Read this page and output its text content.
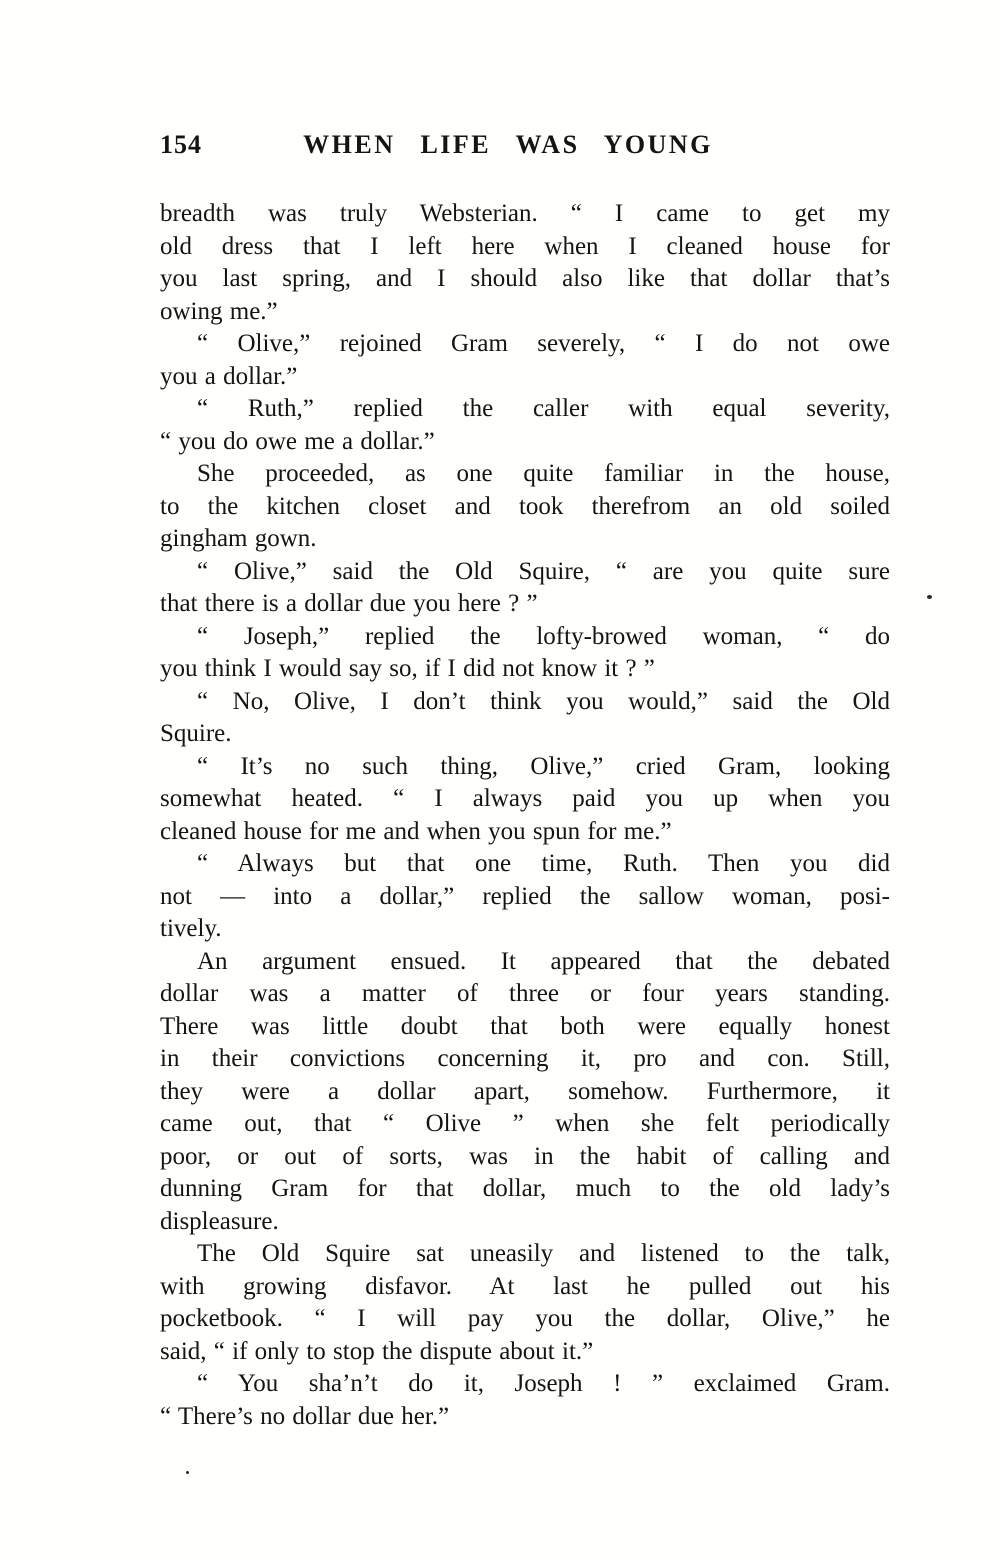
154	WHEN LIFE WAS YOUNG
breadth was truly Websterian. “ I came to get my
old dress that I left here when I cleaned house for
you last spring, and I should also like that dollar that’s
owing me.”
“ Olive,” rejoined Gram severely, “ I do not owe
you a dollar.”
“ Ruth,” replied the caller with equal severity,
“ you do owe me a dollar.”
She proceeded, as one quite familiar in the house,
to the kitchen closet and took therefrom an old soiled
gingham gown.
“ Olive,” said the Old Squire, “ are you quite sure
that there is a dollar due you here ? ”
“ Joseph,” replied the lofty-browed woman, “ do
you think I would say so, if I did not know it ? ”
“ No, Olive, I don’t think you would,” said the Old
Squire.
“ It’s no such thing, Olive,” cried Gram, looking
somewhat heated. “ I always paid you up when you
cleaned house for me and when you spun for me.”
“ Always but that one time, Ruth. Then you did
not — into a dollar,” replied the sallow woman, posi-
tively.
An argument ensued. It appeared that the debated
dollar was a matter of three or four years standing.
There was little doubt that both were equally honest
in their convictions concerning it, pro and con. Still,
they were a dollar apart, somehow. Furthermore, it
came out, that “ Olive ” when she felt periodically
poor, or out of sorts, was in the habit of calling and
dunning Gram for that dollar, much to the old lady’s
displeasure.
The Old Squire sat uneasily and listened to the talk,
with growing disfavor. At last he pulled out his
pocketbook. “ I will pay you the dollar, Olive,” he
said, “ if only to stop the dispute about it.”
“ You sha’n’t do it, Joseph ! ” exclaimed Gram.
“ There’s no dollar due her.”
